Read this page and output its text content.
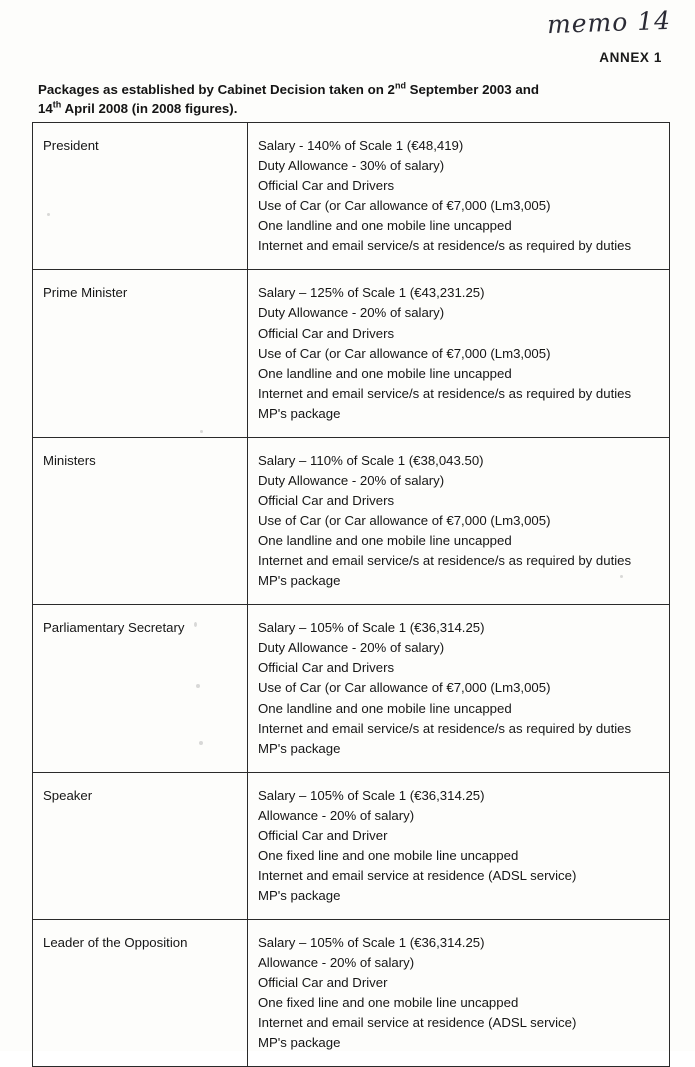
memo 14
ANNEX 1
Packages as established by Cabinet Decision taken on 2nd September 2003 and
14th April 2008 (in 2008 figures).
President	Salary - 140% of Scale 1 (€48,419)
Duty Allowance - 30% of salary)
Official Car and Drivers
Use of Car (or Car allowance of €7,000 (Lm3,005)
One landline and one mobile line uncapped
Internet and email service/s at residence/s as required by duties

Prime Minister	Salary – 125% of Scale 1 (€43,231.25)
Duty Allowance - 20% of salary)
Official Car and Drivers
Use of Car (or Car allowance of €7,000 (Lm3,005)
One landline and one mobile line uncapped
Internet and email service/s at residence/s as required by duties
MP's package

Ministers	Salary – 110% of Scale 1 (€38,043.50)
Duty Allowance - 20% of salary)
Official Car and Drivers
Use of Car (or Car allowance of €7,000 (Lm3,005)
One landline and one mobile line uncapped
Internet and email service/s at residence/s as required by duties
MP's package

Parliamentary Secretary	Salary – 105% of Scale 1 (€36,314.25)
Duty Allowance - 20% of salary)
Official Car and Drivers
Use of Car (or Car allowance of €7,000 (Lm3,005)
One landline and one mobile line uncapped
Internet and email service/s at residence/s as required by duties
MP's package

Speaker	Salary – 105% of Scale 1 (€36,314.25)
Allowance - 20% of salary)
Official Car and Driver
One fixed line and one mobile line uncapped
Internet and email service at residence (ADSL service)
MP's package

Leader of the Opposition	Salary – 105% of Scale 1 (€36,314.25)
Allowance - 20% of salary)
Official Car and Driver
One fixed line and one mobile line uncapped
Internet and email service at residence (ADSL service)
MP's package
